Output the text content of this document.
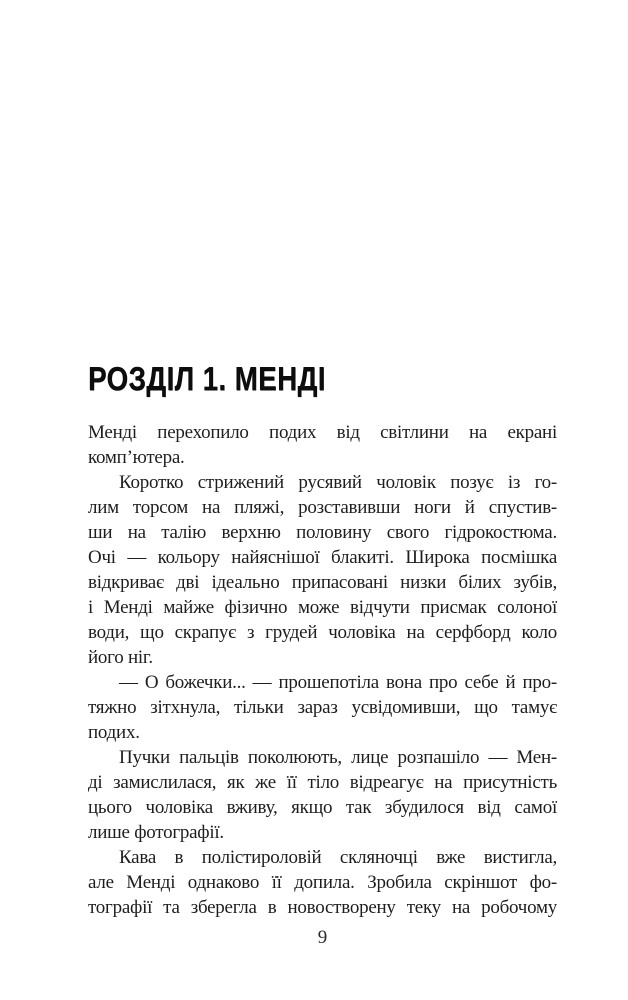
РОЗДІЛ 1. МЕНДІ
Менді перехопило подих від світлини на екрані
комп’ютера.
Коротко стрижений русявий чоловік позує із го-
лим торсом на пляжі, розставивши ноги й спустив-
ши на талію верхню половину свого гідрокостюма.
Очі — кольору найяснішої блакиті. Широка посмішка
відкриває дві ідеально припасовані низки білих зубів,
і Менді майже фізично може відчути присмак солоної
води, що скрапує з грудей чоловіка на серфборд коло
його ніг.
— О божечки... — прошепотіла вона про себе й про-
тяжно зітхнула, тільки зараз усвідомивши, що тамує
подих.
Пучки пальців поколюють, лице розпашіло — Мен-
ді замислилася, як же її тіло відреагує на присутність
цього чоловіка вживу, якщо так збудилося від самої
лише фотографії.
Кава в полістироловій скляночці вже вистигла,
але Менді однаково її допила. Зробила скріншот фо-
тографії та зберегла в новостворену теку на робочому
9
